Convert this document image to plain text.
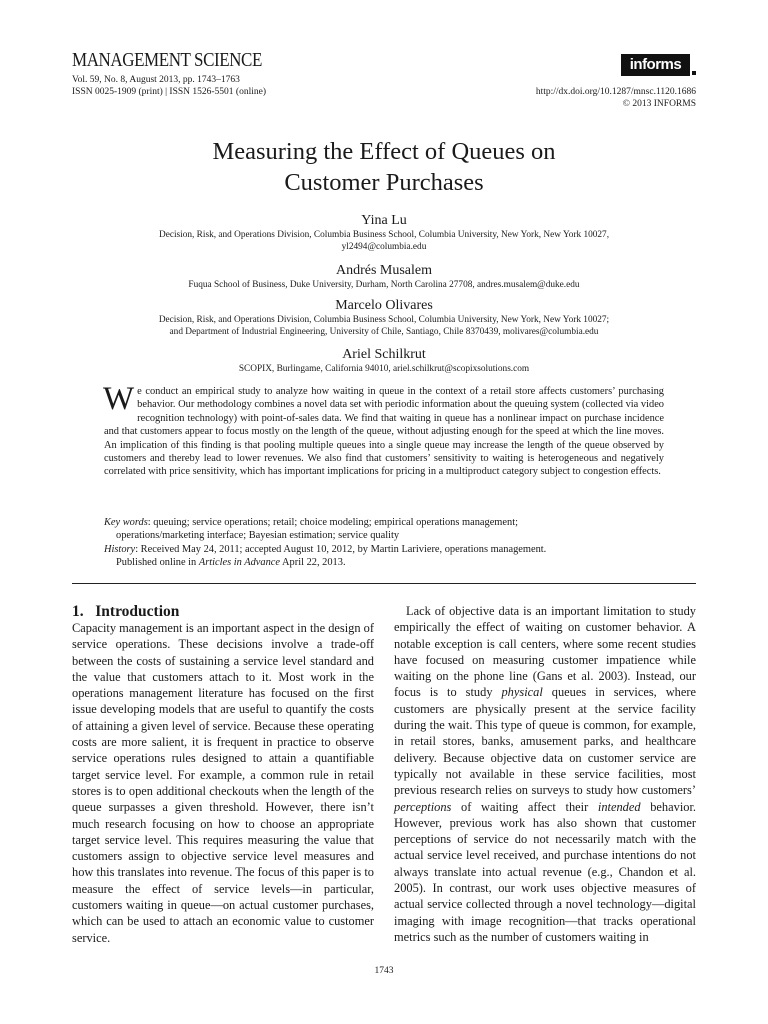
MANAGEMENT SCIENCE
Vol. 59, No. 8, August 2013, pp. 1743–1763
ISSN 0025-1909 (print) | ISSN 1526-5501 (online)
informs
http://dx.doi.org/10.1287/mnsc.1120.1686
© 2013 INFORMS
Measuring the Effect of Queues on
Customer Purchases
Yina Lu
Decision, Risk, and Operations Division, Columbia Business School, Columbia University, New York, New York 10027,
yl2494@columbia.edu
Andrés Musalem
Fuqua School of Business, Duke University, Durham, North Carolina 27708, andres.musalem@duke.edu
Marcelo Olivares
Decision, Risk, and Operations Division, Columbia Business School, Columbia University, New York, New York 10027;
and Department of Industrial Engineering, University of Chile, Santiago, Chile 8370439, molivares@columbia.edu
Ariel Schilkrut
SCOPIX, Burlingame, California 94010, ariel.schilkrut@scopixsolutions.com
We conduct an empirical study to analyze how waiting in queue in the context of a retail store affects customers’ purchasing behavior. Our methodology combines a novel data set with periodic information about the queuing system (collected via video recognition technology) with point-of-sales data. We find that waiting in queue has a nonlinear impact on purchase incidence and that customers appear to focus mostly on the length of the queue, without adjusting enough for the speed at which the line moves. An implication of this finding is that pooling multiple queues into a single queue may increase the length of the queue observed by customers and thereby lead to lower revenues. We also find that customers’ sensitivity to waiting is heterogeneous and negatively correlated with price sensitivity, which has important implications for pricing in a multiproduct category subject to congestion effects.
Key words: queuing; service operations; retail; choice modeling; empirical operations management;
operations/marketing interface; Bayesian estimation; service quality
History: Received May 24, 2011; accepted August 10, 2012, by Martin Lariviere, operations management.
Published online in Articles in Advance April 22, 2013.
1.  Introduction

Capacity management is an important aspect in the design of service operations. These decisions involve a trade-off between the costs of sustaining a service level standard and the value that customers attach to it. Most work in the operations management literature has focused on the first issue developing models that are useful to quantify the costs of attaining a given level of service. Because these operating costs are more salient, it is frequent in practice to observe service operations rules designed to attain a quantifiable target service level. For example, a common rule in retail stores is to open additional checkouts when the length of the queue surpasses a given threshold. However, there isn’t much research focusing on how to choose an appropriate target service level. This requires measuring the value that customers assign to objective service level measures and how this translates into revenue. The focus of this paper is to measure the effect of service levels—in particular, customers waiting in queue—on actual customer purchases, which can be used to attach an economic value to customer service.

Lack of objective data is an important limitation to study empirically the effect of waiting on customer behavior. A notable exception is call centers, where some recent studies have focused on measuring customer impatience while waiting on the phone line (Gans et al. 2003). Instead, our focus is to study physical queues in services, where customers are physically present at the service facility during the wait. This type of queue is common, for example, in retail stores, banks, amusement parks, and healthcare delivery. Because objective data on customer service are typically not available in these service facilities, most previous research relies on surveys to study how customers’ perceptions of waiting affect their intended behavior. However, previous work has also shown that customer perceptions of service do not necessarily match with the actual service level received, and purchase intentions do not always translate into actual revenue (e.g., Chandon et al. 2005). In contrast, our work uses objective measures of actual service collected through a novel technology—digital imaging with image recognition—that tracks operational metrics such as the number of customers waiting in

1743
